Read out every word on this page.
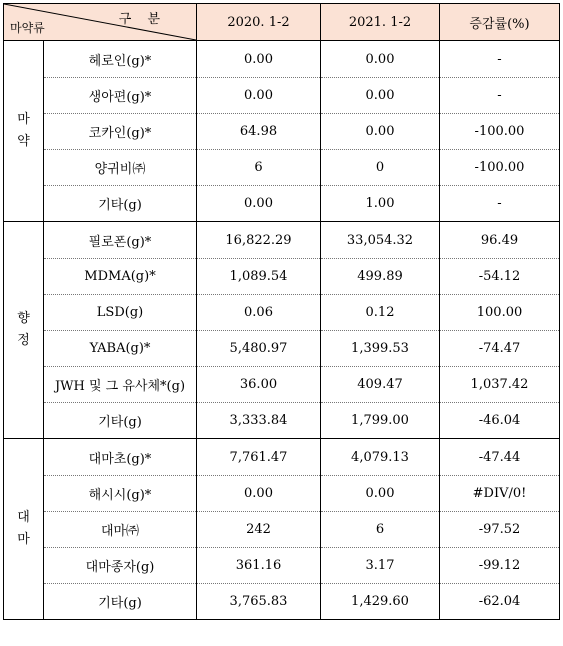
구 분
마약류		2020. 1-2	2021. 1-2	증감률(%)
마
약	헤로인(g)*	0.00	0.00	-
	생아편(g)*	0.00	0.00	-
	코카인(g)*	64.98	0.00	-100.00
	양귀비㈜	6	0	-100.00
	기타(g)	0.00	1.00	-
향
정	필로폰(g)*	16,822.29	33,054.32	96.49
	MDMA(g)*	1,089.54	499.89	-54.12
	LSD(g)	0.06	0.12	100.00
	YABA(g)*	5,480.97	1,399.53	-74.47
	JWH 및 그 유사체*(g)	36.00	409.47	1,037.42
	기타(g)	3,333.84	1,799.00	-46.04
대
마	대마초(g)*	7,761.47	4,079.13	-47.44
	해시시(g)*	0.00	0.00	#DIV/0!
	대마㈜	242	6	-97.52
	대마종자(g)	361.16	3.17	-99.12
	기타(g)	3,765.83	1,429.60	-62.04
